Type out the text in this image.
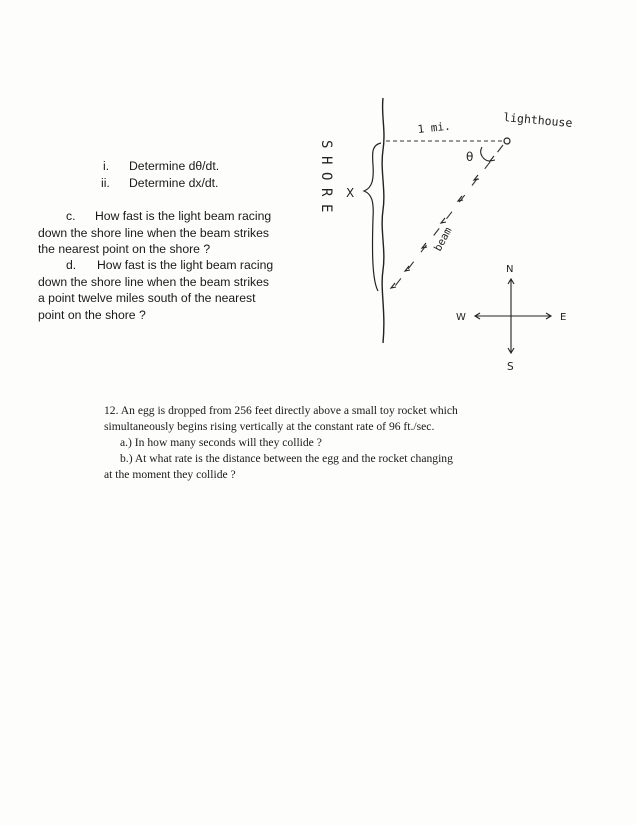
i. Determine dθ/dt.
ii. Determine dx/dt.
c. How fast is the light beam racing
down the shore line when the beam strikes
the nearest point on the shore ?
d. How fast is the light beam racing
down the shore line when the beam strikes
a point twelve miles south of the nearest
point on the shore ?
1 mi.	lighthouse
θ
X
beam
N
S
W	E
S
H
O
R
E
12. An egg is dropped from 256 feet directly above a small toy rocket which
simultaneously begins rising vertically at the constant rate of 96 ft./sec.
a.) In how many seconds will they collide ?
b.) At what rate is the distance between the egg and the rocket changing
at the moment they collide ?
